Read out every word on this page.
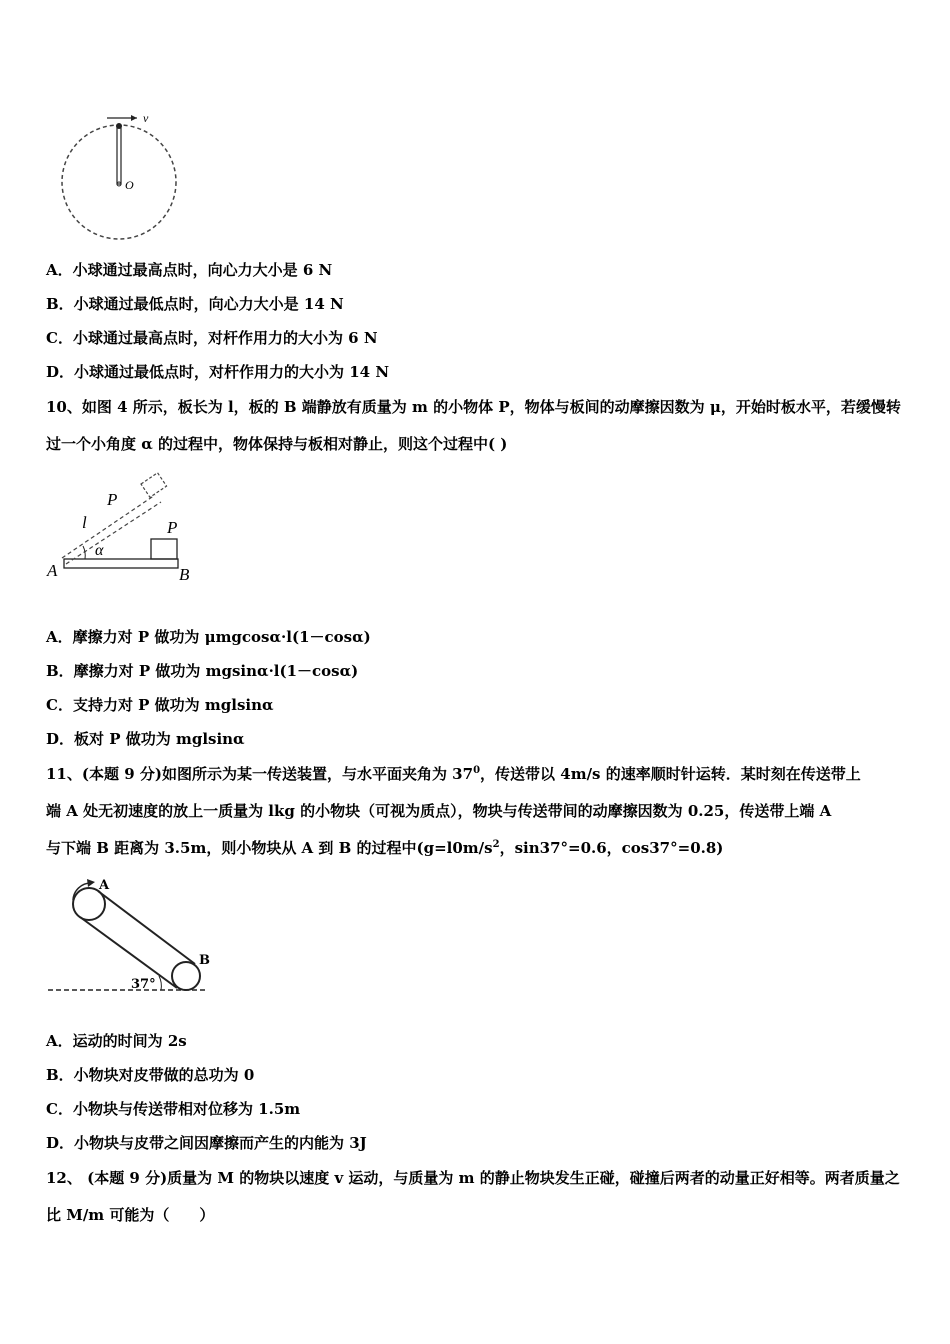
v
O
A．小球通过最高点时，向心力大小是 6 N
B．小球通过最低点时，向心力大小是 14 N
C．小球通过最高点时，对杆作用力的大小为 6 N
D．小球通过最低点时，对杆作用力的大小为 14 N
10、如图 4 所示，板长为 l，板的 B 端静放有质量为 m 的小物体 P，物体与板间的动摩擦因数为 μ，开始时板水平，若缓慢转过一个小角度 α 的过程中，物体保持与板相对静止，则这个过程中( )
P
P
l
α
A	B
A．摩擦力对 P 做功为 μmgcosα·l(1－cosα)
B．摩擦力对 P 做功为 mgsinα·l(1－cosα)
C．支持力对 P 做功为 mglsinα
D．板对 P 做功为 mglsinα
11、(本题 9 分)如图所示为某一传送装置，与水平面夹角为 $37^0$，传送带以 4m/s 的速率顺时针运转．某时刻在传送带上
端 A 处无初速度的放上一质量为 lkg 的小物块（可视为质点），物块与传送带间的动摩擦因数为 0.25，传送带上端 A
与下端 B 距离为 3.5m，则小物块从 A 到 B 的过程中($g=l0m/s^2$，sin37°=0.6，cos37°=0.8)
A
B
37°
A．运动的时间为 2s
B．小物块对皮带做的总功为 0
C．小物块与传送带相对位移为 1.5m
D．小物块与皮带之间因摩擦而产生的内能为 3J
12、 (本题 9 分)质量为 M 的物块以速度 v 运动，与质量为 m 的静止物块发生正碰，碰撞后两者的动量正好相等。两者质量之比 M/m 可能为（　　）
